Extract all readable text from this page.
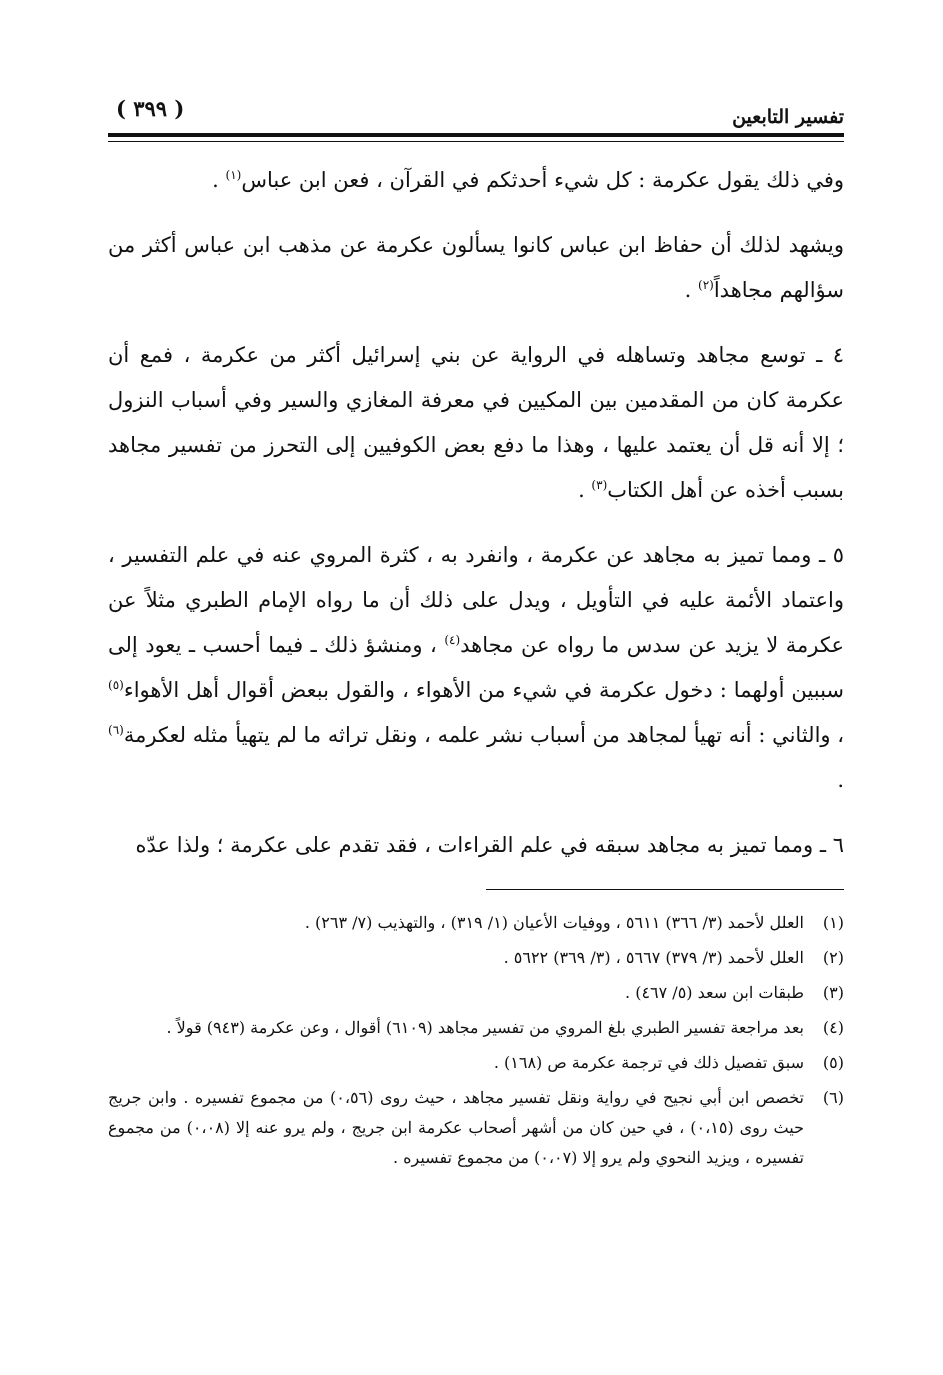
تفسير التابعين
( ٣٩٩ )

وفي ذلك يقول عكرمة : كل شيء أحدثكم في القرآن ، فعن ابن عباس$^{(١)}$ .

ويشهد لذلك أن حفاظ ابن عباس كانوا يسألون عكرمة عن مذهب ابن عباس أكثر من سؤالهم مجاهداً$^{(٢)}$ .

٤ ـ توسع مجاهد وتساهله في الرواية عن بني إسرائيل أكثر من عكرمة ، فمع أن عكرمة كان من المقدمين بين المكيين في معرفة المغازي والسير وفي أسباب النزول ؛ إلا أنه قل أن يعتمد عليها ، وهذا ما دفع بعض الكوفيين إلى التحرز من تفسير مجاهد بسبب أخذه عن أهل الكتاب$^{(٣)}$ .

٥ ـ ومما تميز به مجاهد عن عكرمة ، وانفرد به ، كثرة المروي عنه في علم التفسير ، واعتماد الأئمة عليه في التأويل ، ويدل على ذلك أن ما رواه الإمام الطبري مثلاً عن عكرمة لا يزيد عن سدس ما رواه عن مجاهد$^{(٤)}$ ، ومنشؤ ذلك ـ فيما أحسب ـ يعود إلى سببين أولهما : دخول عكرمة في شيء من الأهواء ، والقول ببعض أقوال أهل الأهواء$^{(٥)}$ ، والثاني : أنه تهيأ لمجاهد من أسباب نشر علمه ، ونقل تراثه ما لم يتهيأ مثله لعكرمة$^{(٦)}$ .

٦ ـ ومما تميز به مجاهد سبقه في علم القراءات ، فقد تقدم على عكرمة ؛ ولذا عدّه

(١)
العلل لأحمد (٣/ ٣٦٦) ٥٦١١ ، ووفيات الأعيان (١/ ٣١٩) ، والتهذيب (٧/ ٢٦٣) .
(٢)
العلل لأحمد (٣/ ٣٧٩) ٥٦٦٧ ، (٣/ ٣٦٩) ٥٦٢٢ .
(٣)
طبقات ابن سعد (٥/ ٤٦٧) .
(٤)
بعد مراجعة تفسير الطبري بلغ المروي من تفسير مجاهد (٦١٠٩) أقوال ، وعن عكرمة (٩٤٣) قولاً .
(٥)
سبق تفصيل ذلك في ترجمة عكرمة ص (١٦٨) .
(٦)
تخصص ابن أبي نجيح في رواية ونقل تفسير مجاهد ، حيث روى (٠،٥٦) من مجموع تفسيره . وابن جريج حيث روى (٠،١٥) ، في حين كان من أشهر أصحاب عكرمة ابن جريج ، ولم يرو عنه إلا (٠،٠٨) من مجموع تفسيره ، ويزيد النحوي ولم يرو إلا (٠،٠٧) من مجموع تفسيره .
